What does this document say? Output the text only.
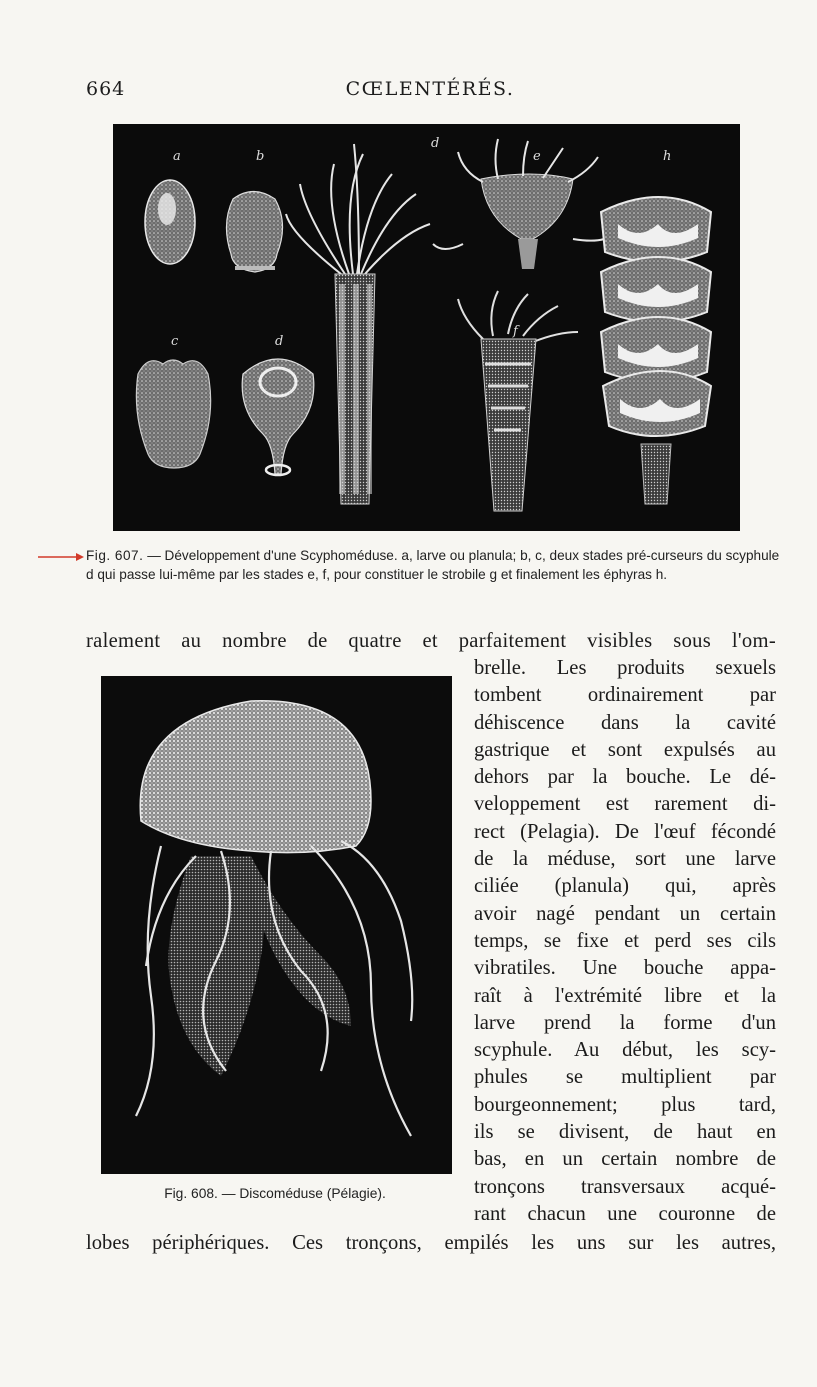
664	CŒLENTÉRÉS.
a	b
d
e	h
c	d
f
Fig. 607. — Développement d'une Scyphoméduse. a, larve ou planula; b, c, deux stades pré-curseurs du scyphule d qui passe lui-même par les stades e, f, pour constituer le strobile g et finalement les éphyras h.
ralement au nombre de quatre et parfaitement visibles sous l'om-
brelle. Les produits sexuels
tombent ordinairement par
déhiscence dans la cavité
gastrique et sont expulsés au
dehors par la bouche. Le dé-
veloppement est rarement di-
rect (Pelagia). De l'œuf fécondé
de la méduse, sort une larve
ciliée (planula) qui, après
avoir nagé pendant un certain
temps, se fixe et perd ses cils
vibratiles. Une bouche appa-
raît à l'extrémité libre et la
larve prend la forme d'un
scyphule. Au début, les scy-
phules se multiplient par
bourgeonnement; plus tard,
ils se divisent, de haut en
bas, en un certain nombre de
tronçons transversaux acqué-
rant chacun une couronne de
Fig. 608. — Discoméduse (Pélagie).
lobes périphériques. Ces tronçons, empilés les uns sur les autres,
